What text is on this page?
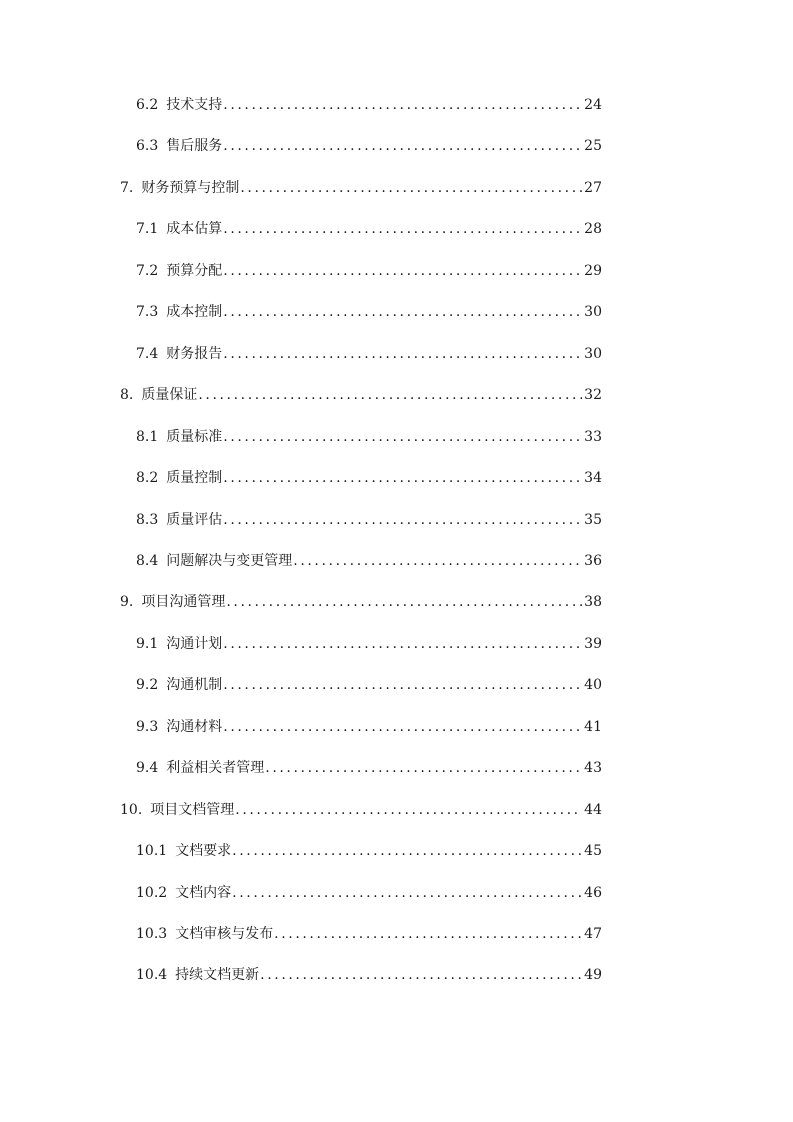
6.2 技术支持 .....	24
6.3 售后服务 .....	25
7. 财务预算与控制 .....	27
7.1 成本估算 .....	28
7.2 预算分配 .....	29
7.3 成本控制 .....	30
7.4 财务报告 .....	30
8. 质量保证 .....	32
8.1 质量标准 .....	33
8.2 质量控制 .....	34
8.3 质量评估 .....	35
8.4 问题解决与变更管理 .....	36
9. 项目沟通管理 .....	38
9.1 沟通计划 .....	39
9.2 沟通机制 .....	40
9.3 沟通材料 .....	41
9.4 利益相关者管理 .....	43
10. 项目文档管理 .....	44
10.1 文档要求 .....	45
10.2 文档内容 .....	46
10.3 文档审核与发布 .....	47
10.4 持续文档更新 .....	49
